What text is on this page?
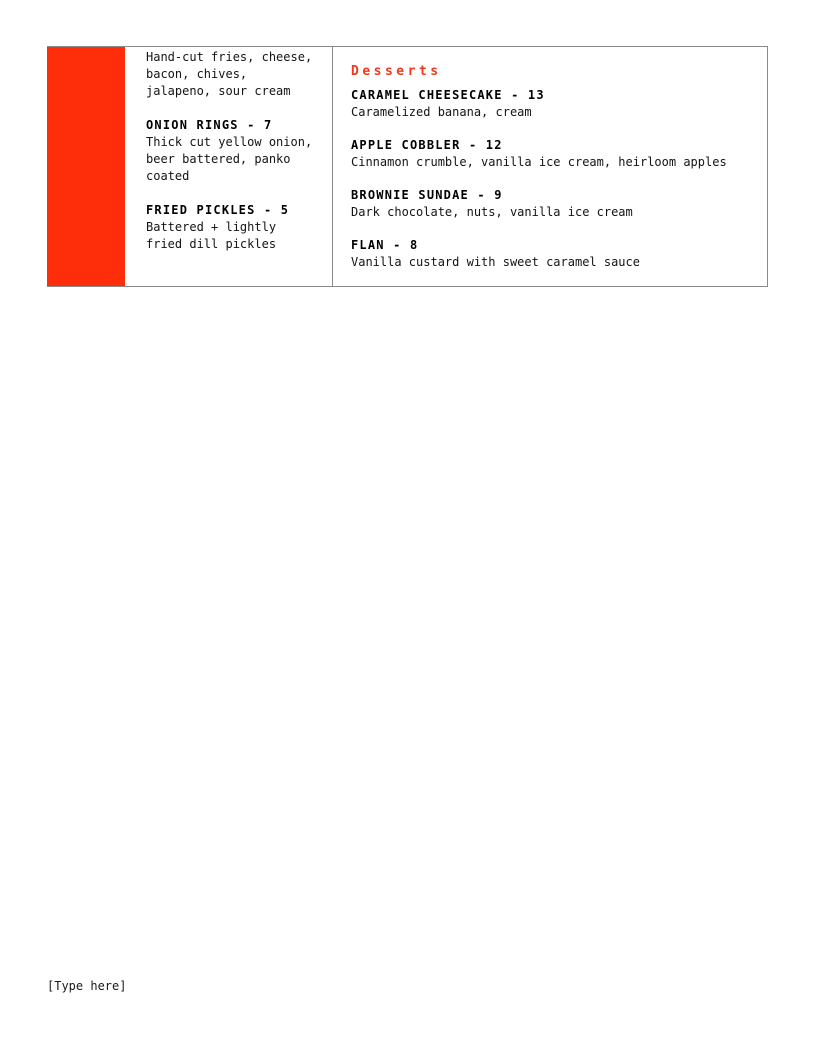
Hand-cut fries, cheese,

bacon, chives,

jalapeno, sour cream

ONION RINGS - 7

Thick cut yellow onion,

beer battered, panko

coated

FRIED PICKLES - 5

Battered + lightly

fried dill pickles

Desserts

CARAMEL CHEESECAKE - 13

Caramelized banana, cream

APPLE COBBLER - 12

Cinnamon crumble, vanilla ice cream, heirloom apples

BROWNIE SUNDAE - 9

Dark chocolate, nuts, vanilla ice cream

FLAN - 8

Vanilla custard with sweet caramel sauce

[Type here]
